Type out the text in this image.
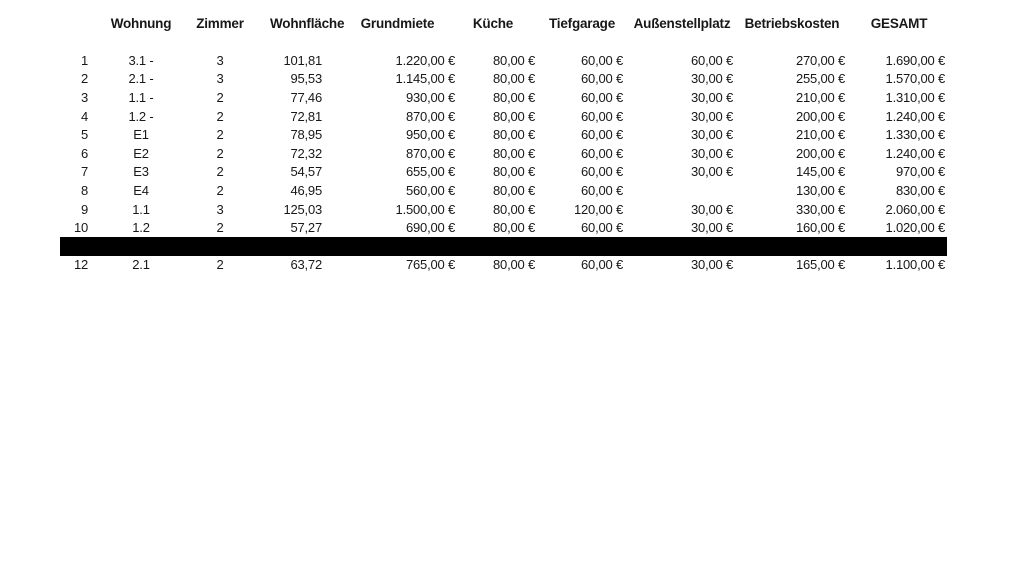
	Wohnung	Zimmer	Wohnfläche	Grundmiete	Küche	Tiefgarage	Außenstellplatz	Betriebskosten	GESAMT

1	3.1 -	3	101,81	1.220,00 €	80,00 €	60,00 €	60,00 €	270,00 €	1.690,00 €
2	2.1 -	3	95,53	1.145,00 €	80,00 €	60,00 €	30,00 €	255,00 €	1.570,00 €
3	1.1 -	2	77,46	930,00 €	80,00 €	60,00 €	30,00 €	210,00 €	1.310,00 €
4	1.2 -	2	72,81	870,00 €	80,00 €	60,00 €	30,00 €	200,00 €	1.240,00 €
5	E1	2	78,95	950,00 €	80,00 €	60,00 €	30,00 €	210,00 €	1.330,00 €
6	E2	2	72,32	870,00 €	80,00 €	60,00 €	30,00 €	200,00 €	1.240,00 €
7	E3	2	54,57	655,00 €	80,00 €	60,00 €	30,00 €	145,00 €	970,00 €
8	E4	2	46,95	560,00 €	80,00 €	60,00 €		130,00 €	830,00 €
9	1.1	3	125,03	1.500,00 €	80,00 €	120,00 €	30,00 €	330,00 €	2.060,00 €
10	1.2	2	57,27	690,00 €	80,00 €	60,00 €	30,00 €	160,00 €	1.020,00 €

12	2.1	2	63,72	765,00 €	80,00 €	60,00 €	30,00 €	165,00 €	1.100,00 €
